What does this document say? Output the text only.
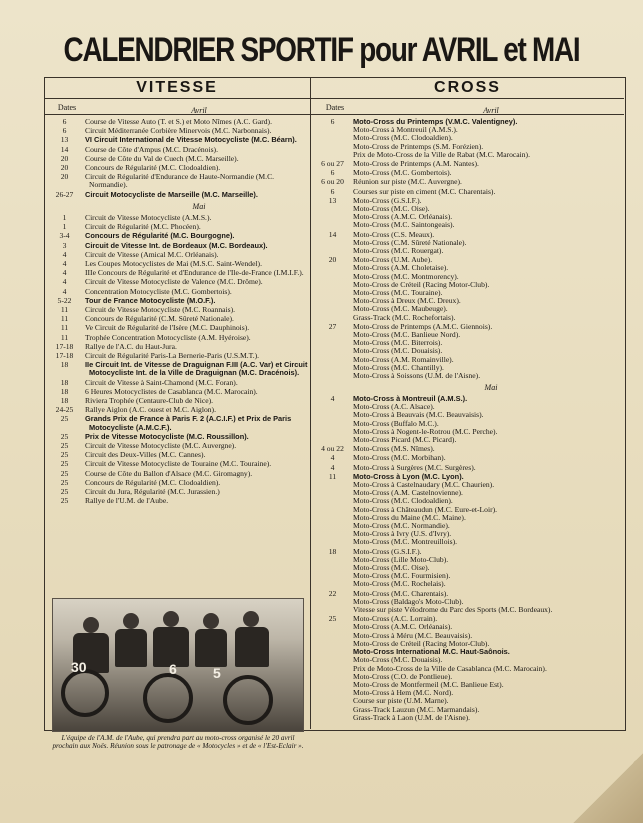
CALENDRIER SPORTIF pour AVRIL et MAI
VITESSE	CROSS
Dates	Dates
Avril	Avril
6	Course de Vitesse Auto (T. et S.) et Moto Nîmes (A.C. Gard).
6	Circuit Méditerranée Corbière Minervois (M.C. Narbonnais).
13	VI Circuit International de Vitesse Motocycliste (M.C. Béarn).
14	Course de Côte d'Ampus (M.C. Dracénois).
20	Course de Côte du Val de Cuech (M.C. Marseille).
20	Concours de Régularité (M.C. Clodoaldien).
20	Circuit de Régularité d'Endurance de Haute-Normandie (M.C. Normandie).
26-27	Circuit Motocycliste de Marseille (M.C. Marseille).
Mai
1	Circuit de Vitesse Motocycliste (A.M.S.).
1	Circuit de Régularité (M.C. Phocéen).
3-4	Concours de Régularité (M.C. Bourgogne).
3	Circuit de Vitesse Int. de Bordeaux (M.C. Bordeaux).
4	Circuit de Vitesse (Amical M.C. Orléanais).
4	Les Coupes Motocyclistes de Mai (M.S.C. Saint-Wendel).
4	IIIe Concours de Régularité et d'Endurance de l'Ile-de-France (I.M.I.F.).
4	Circuit de Vitesse Motocycliste de Valence (M.C. Drôme).
4	Concentration Motocycliste (M.C. Gombertois).
5-22	Tour de France Motocycliste (M.O.F.).
11	Circuit de Vitesse Motocycliste (M.C. Roannais).
11	Concours de Régularité (C.M. Sûreté Nationale).
11	Ve Circuit de Régularité de l'Isère (M.C. Dauphinois).
11	Trophée Concentration Motocycliste (A.M. Hyéroise).
17-18	Rallye de l'A.C. du Haut-Jura.
17-18	Circuit de Régularité Paris-La Bernerie-Paris (U.S.M.T.).
18	IIe Circuit Int. de Vitesse de Draguignan F.III (A.C. Var) et Circuit Motocycliste Int. de la Ville de Draguignan (M.C. Dracénois).
18	Circuit de Vitesse à Saint-Chamond (M.C. Foran).
18	6 Heures Motocyclistes de Casablanca (M.C. Marocain).
18	Riviera Trophée (Centaure-Club de Nice).
24-25	Rallye Aiglon (A.C. ouest et M.C. Aiglon).
25	Grands Prix de France à Paris F. 2 (A.C.I.F.) et Prix de Paris Motocycliste (A.M.C.F.).
25	Prix de Vitesse Motocycliste (M.C. Roussillon).
25	Circuit de Vitesse Motocycliste (M.C. Auvergne).
25	Circuit des Deux-Villes (M.C. Cannes).
25	Circuit de Vitesse Motocycliste de Touraine (M.C. Touraine).
25	Course de Côte du Ballon d'Alsace (M.C. Giromagny).
25	Concours de Régularité (M.C. Clodoaldien).
25	Circuit du Jura, Régularité (M.C. Jurassien.)
25	Rallye de l'U.M. de l'Aube.
6	Moto-Cross du Printemps (V.M.C. Valentigney).
Moto-Cross à Montreuil (A.M.S.).
Moto-Cross (M.C. Clodoaldien).
Moto-Cross de Printemps (S.M. Forézien).
Prix de Moto-Cross de la Ville de Rabat (M.C. Marocain).
6 ou 27	Moto-Cross de Printemps (A.M. Nantes).
6	Moto-Cross (M.C. Gombertois).
6 ou 20	Réunion sur piste (M.C. Auvergne).
6	Courses sur piste en ciment (M.C. Charentais).
13	Moto-Cross (G.S.I.F.).
Moto-Cross (M.C. Oise).
Moto-Cross (A.M.C. Orléanais).
Moto-Cross (M.C. Saintongeais).
14	Moto-Cross (C.S. Meaux).
Moto-Cross (C.M. Sûreté Nationale).
Moto-Cross (M.C. Rouergat).
20	Moto-Cross (U.M. Aube).
Moto-Cross (A.M. Choletaise).
Moto-Cross (M.C. Montmorency).
Moto-Cross de Créteil (Racing Motor-Club).
Moto-Cross (M.C. Touraine).
Moto-Cross à Dreux (M.C. Dreux).
Moto-Cross (M.C. Maubeuge).
Grass-Track (M.C. Rochefortais).
27	Moto-Cross de Printemps (A.M.C. Giennois).
Moto-Cross (M.C. Banlieue Nord).
Moto-Cross (M.C. Biterrois).
Moto-Cross (M.C. Douaisis).
Moto-Cross (A.M. Romainville).
Moto-Cross (M.C. Chantilly).
Moto-Cross à Soissons (U.M. de l'Aisne).
Mai
4	Moto-Cross à Montreuil (A.M.S.).
Moto-Cross (A.C. Alsace).
Moto-Cross à Beauvais (M.C. Beauvaisis).
Moto-Cross (Buffalo M.C.).
Moto-Cross à Nogent-le-Rotrou (M.C. Perche).
Moto-Cross Picard (M.C. Picard).
4 ou 22	Moto-Cross (M.S. Nîmes).
4	Moto-Cross (M.C. Morbihan).
4	Moto-Cross à Surgères (M.C. Surgères).
11	Moto-Cross à Lyon (M.C. Lyon).
Moto-Cross à Castelnaudary (M.C. Chaurien).
Moto-Cross (A.M. Castelnovienne).
Moto-Cross (M.C. Clodoaldien).
Moto-Cross à Châteaudun (M.C. Eure-et-Loir).
Moto-Cross du Maine (M.C. Maine).
Moto-Cross (M.C. Normandie).
Moto-Cross à Ivry (U.S. d'Ivry).
Moto-Cross (M.C. Montreuillois).
18	Moto-Cross (G.S.I.F.).
Moto-Cross (Lille Moto-Club).
Moto-Cross (M.C. Oise).
Moto-Cross (M.C. Fourmisien).
Moto-Cross (M.C. Rochelais).
22	Moto-Cross (M.C. Charentais).
Moto-Cross (Baldago's Moto-Club).
Vitesse sur piste Vélodrome du Parc des Sports (M.C. Bordeaux).
25	Moto-Cross (A.C. Lorrain).
Moto-Cross (A.M.C. Orléanais).
Moto-Cross à Méru (M.C. Beauvaisis).
Moto-Cross de Créteil (Racing Motor-Club).
Moto-Cross International M.C. Haut-Saônois.
Moto-Cross (M.C. Douaisis).
Prix de Moto-Cross de la Ville de Casablanca (M.C. Marocain).
Moto-Cross (C.O. de Pontlieue).
Moto-Cross de Montfermeil (M.C. Banlieue Est).
Moto-Cross à Hem (M.C. Nord).
Course sur piste (U.M. Marne).
Grass-Track Lauzun (M.C. Marmandais).
Grass-Track à Laon (U.M. de l'Aisne).
30	6	5
L'équipe de l'A.M. de l'Aube, qui prendra part au moto-cross organisé le 20 avril prochain aux Noës. Réunion sous le patronage de « Motocycles » et de « l'Est-Eclair ».
